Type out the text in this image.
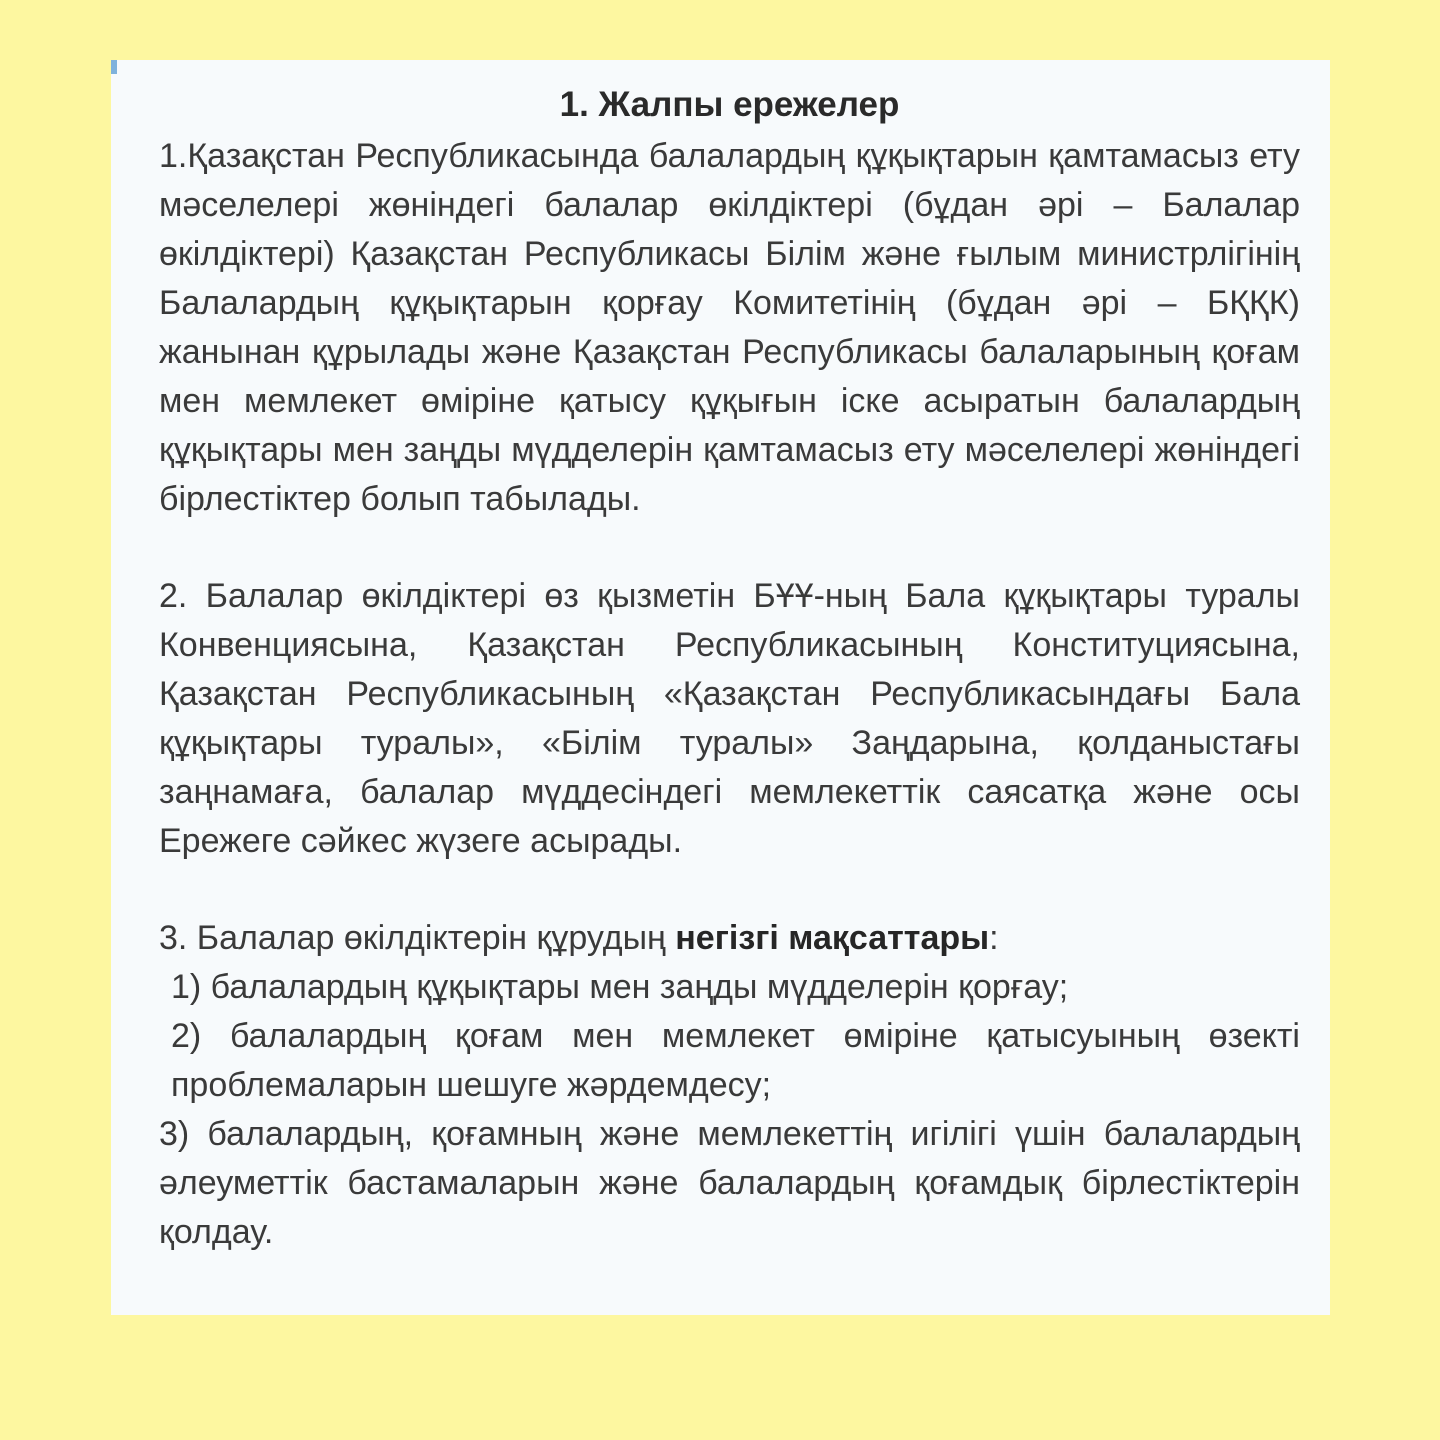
1. Жалпы ережелер

1.Қазақстан Республикасында балалардың құқықтарын қамтамасыз ету мәселелері жөніндегі балалар өкілдіктері (бұдан әрі – Балалар өкілдіктері) Қазақстан Республикасы Білім және ғылым министрлігінің Балалардың құқықтарын қорғау Комитетінің (бұдан әрі – БҚҚК) жанынан құрылады және Қазақстан Республикасы балаларының қоғам мен мемлекет өміріне қатысу құқығын іске асыратын балалардың құқықтары мен заңды мүдделерін қамтамасыз ету мәселелері жөніндегі бірлестіктер болып табылады.

2. Балалар өкілдіктері өз қызметін БҰҰ-ның Бала құқықтары туралы Конвенциясына, Қазақстан Республикасының Конституциясына, Қазақстан Республикасының «Қазақстан Республикасындағы Бала құқықтары туралы», «Білім туралы» Заңдарына, қолданыстағы заңнамаға, балалар мүддесіндегі мемлекеттік саясатқа және осы Ережеге сәйкес жүзеге асырады.

3. Балалар өкілдіктерін құрудың негізгі мақсаттары:

1) балалардың құқықтары мен заңды мүдделерін қорғау;

2) балалардың қоғам мен мемлекет өміріне қатысуының өзекті проблемаларын шешуге жәрдемдесу;

3) балалардың, қоғамның және мемлекеттің игілігі үшін балалардың әлеуметтік бастамаларын және балалардың қоғамдық бірлестіктерін қолдау.
